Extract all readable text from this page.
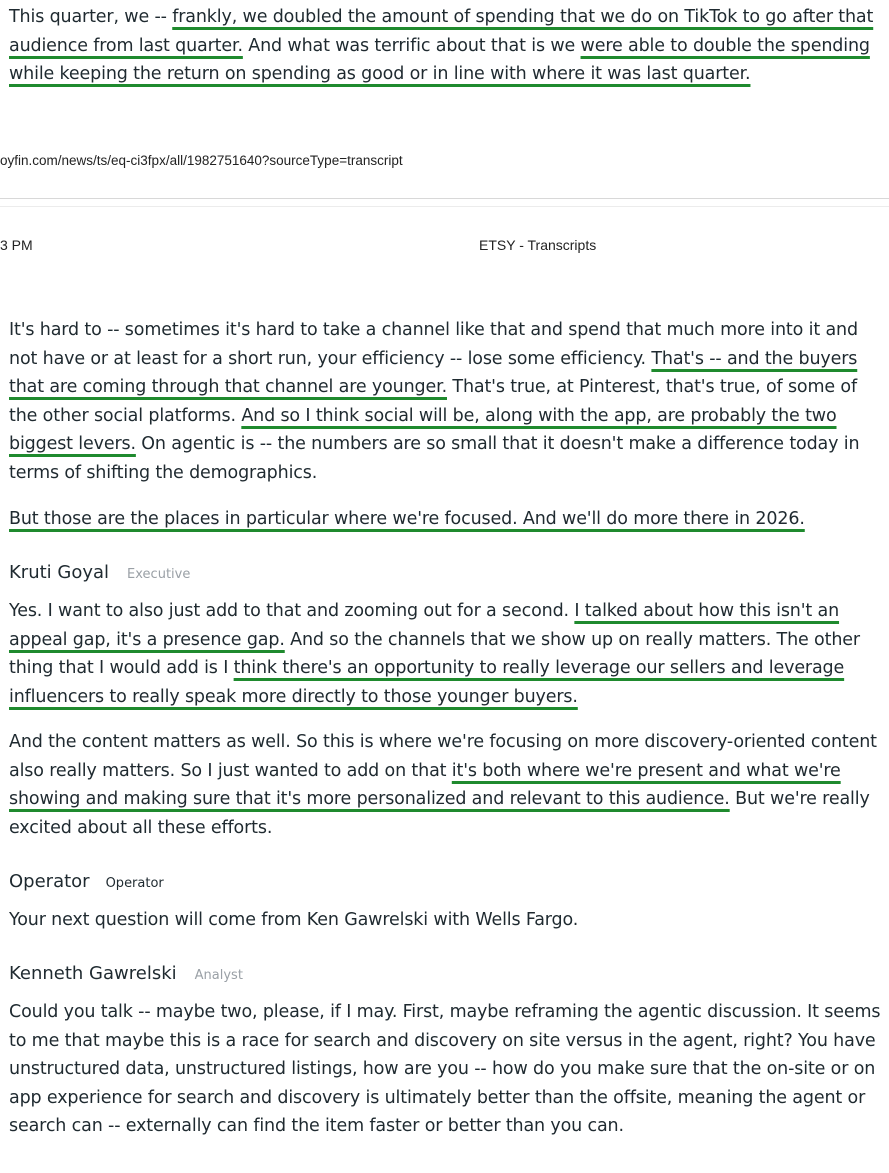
This quarter, we -- frankly, we doubled the amount of spending that we do on TikTok to go after that audience from last quarter. And what was terrific about that is we were able to double the spending while keeping the return on spending as good or in line with where it was last quarter.

oyfin.com/news/ts/eq-ci3fpx/all/1982751640?sourceType=transcript
3 PM	ETSY - Transcripts

It's hard to -- sometimes it's hard to take a channel like that and spend that much more into it and not have or at least for a short run, your efficiency -- lose some efficiency. That's -- and the buyers that are coming through that channel are younger. That's true, at Pinterest, that's true, of some of the other social platforms. And so I think social will be, along with the app, are probably the two biggest levers. On agentic is -- the numbers are so small that it doesn't make a difference today in terms of shifting the demographics.

But those are the places in particular where we're focused. And we'll do more there in 2026.

Kruti Goyal Executive

Yes. I want to also just add to that and zooming out for a second. I talked about how this isn't an appeal gap, it's a presence gap. And so the channels that we show up on really matters. The other thing that I would add is I think there's an opportunity to really leverage our sellers and leverage influencers to really speak more directly to those younger buyers.

And the content matters as well. So this is where we're focusing on more discovery-oriented content also really matters. So I just wanted to add on that it's both where we're present and what we're showing and making sure that it's more personalized and relevant to this audience. But we're really excited about all these efforts.

Operator Operator

Your next question will come from Ken Gawrelski with Wells Fargo.

Kenneth Gawrelski Analyst

Could you talk -- maybe two, please, if I may. First, maybe reframing the agentic discussion. It seems to me that maybe this is a race for search and discovery on site versus in the agent, right? You have unstructured data, unstructured listings, how are you -- how do you make sure that the on-site or on app experience for search and discovery is ultimately better than the offsite, meaning the agent or search can -- externally can find the item faster or better than you can.
